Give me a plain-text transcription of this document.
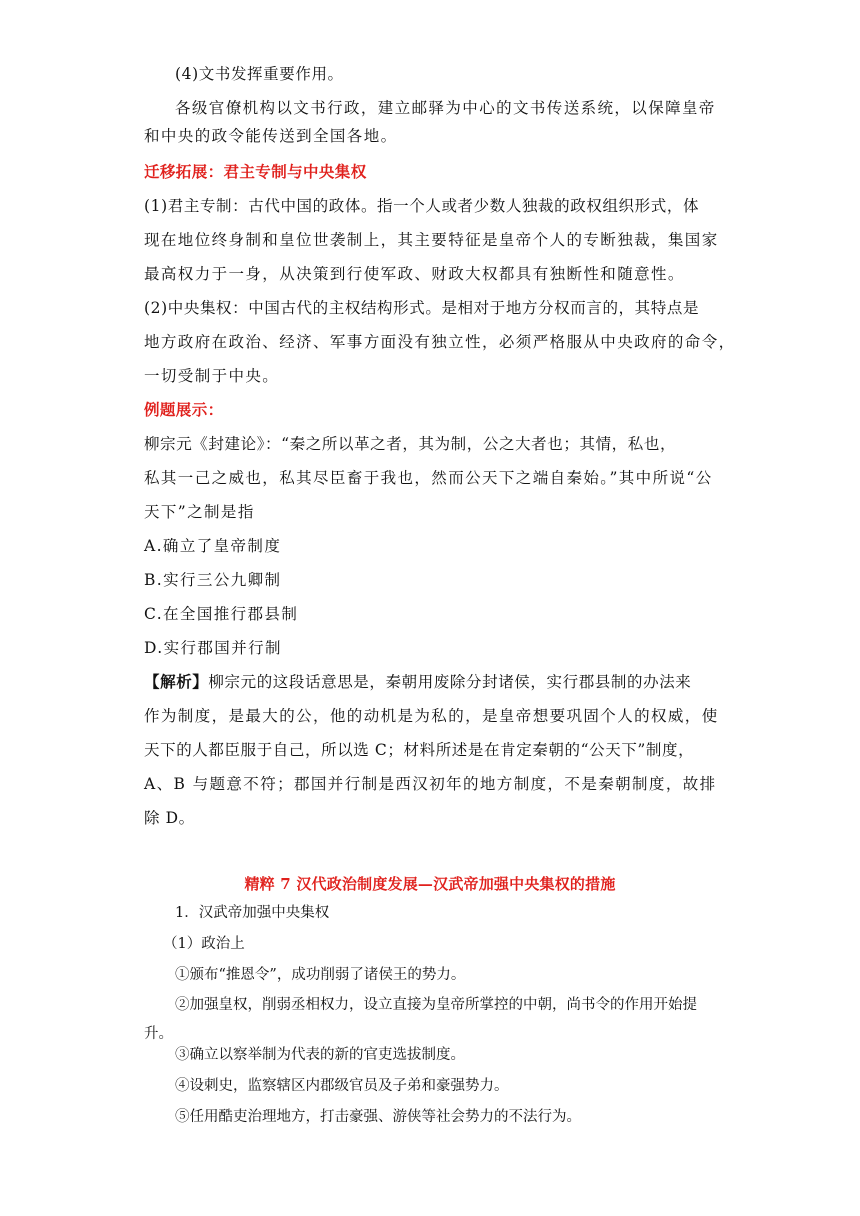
(4)文书发挥重要作用。
各级官僚机构以文书行政，建立邮驿为中心的文书传送系统，以保障皇帝
和中央的政令能传送到全国各地。
迁移拓展：君主专制与中央集权
(1)君主专制：古代中国的政体。指一个人或者少数人独裁的政权组织形式，体
现在地位终身制和皇位世袭制上，其主要特征是皇帝个人的专断独裁，集国家
最高权力于一身，从决策到行使军政、财政大权都具有独断性和随意性。
(2)中央集权：中国古代的主权结构形式。是相对于地方分权而言的，其特点是
地方政府在政治、经济、军事方面没有独立性，必须严格服从中央政府的命令，
一切受制于中央。
例题展示：
柳宗元《封建论》：“秦之所以革之者，其为制，公之大者也；其情，私也，
私其一己之威也，私其尽臣畜于我也，然而公天下之端自秦始。”其中所说“公
天下”之制是指
A.确立了皇帝制度
B.实行三公九卿制
C.在全国推行郡县制
D.实行郡国并行制
【解析】柳宗元的这段话意思是，秦朝用废除分封诸侯，实行郡县制的办法来
作为制度，是最大的公，他的动机是为私的，是皇帝想要巩固个人的权威，使
天下的人都臣服于自己，所以选 C；材料所述是在肯定秦朝的“公天下”制度，
A、B 与题意不符；郡国并行制是西汉初年的地方制度，不是秦朝制度，故排
除 D。
精粹 7 汉代政治制度发展—汉武帝加强中央集权的措施
1．汉武帝加强中央集权
（1）政治上
①颁布“推恩令”，成功削弱了诸侯王的势力。
②加强皇权，削弱丞相权力，设立直接为皇帝所掌控的中朝，尚书令的作用开始提
升。
③确立以察举制为代表的新的官吏选拔制度。
④设刺史，监察辖区内郡级官员及子弟和豪强势力。
⑤任用酷吏治理地方，打击豪强、游侠等社会势力的不法行为。
